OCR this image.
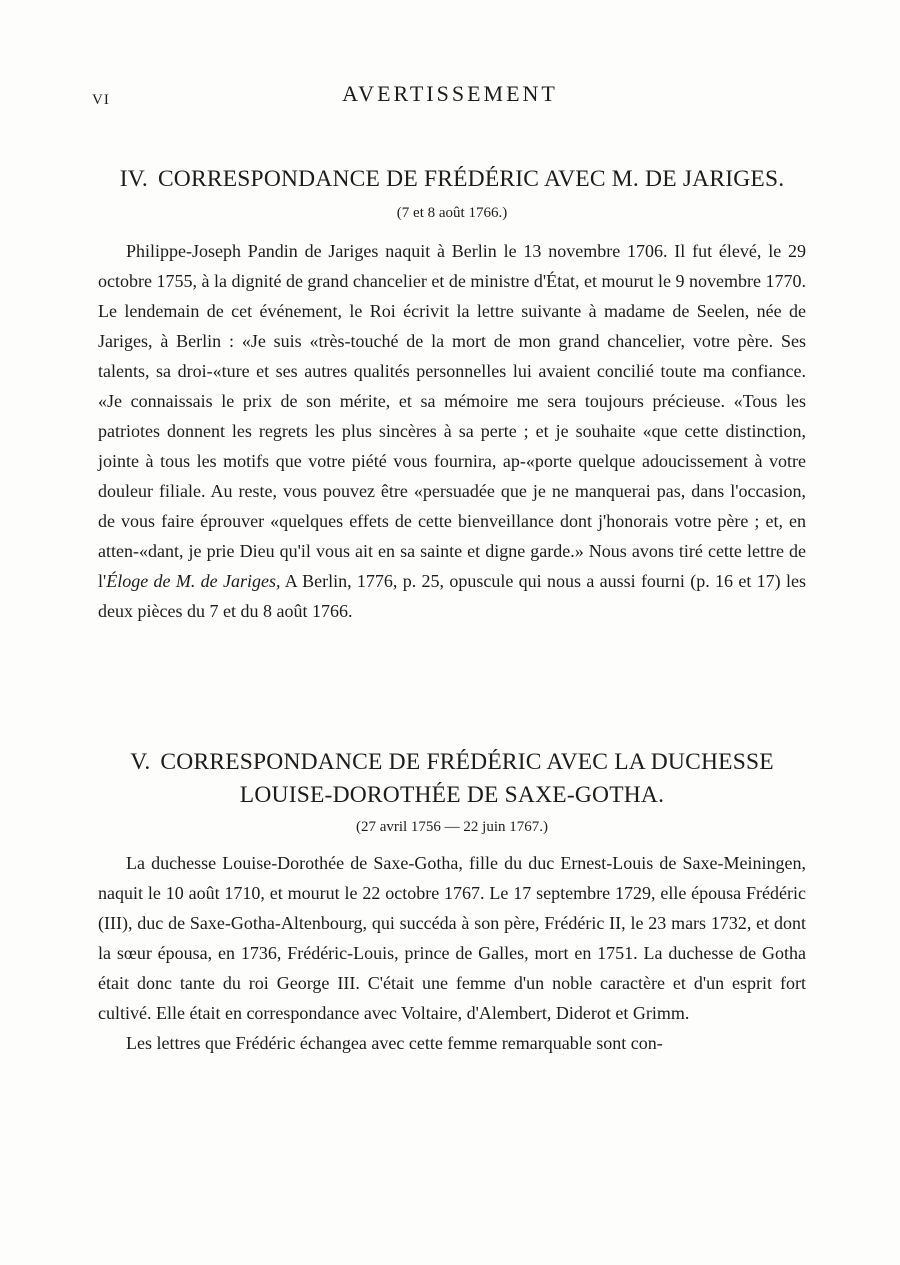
VI	AVERTISSEMENT
IV. CORRESPONDANCE DE FRÉDÉRIC AVEC M. DE JARIGES.
(7 et 8 août 1766.)

Philippe-Joseph Pandin de Jariges naquit à Berlin le 13 novembre 1706. Il fut élevé, le 29 octobre 1755, à la dignité de grand chancelier et de ministre d'État, et mourut le 9 novembre 1770. Le lendemain de cet événement, le Roi écrivit la lettre suivante à madame de Seelen, née de Jariges, à Berlin : «Je suis «très-touché de la mort de mon grand chancelier, votre père. Ses talents, sa droi-«ture et ses autres qualités personnelles lui avaient concilié toute ma confiance. «Je connaissais le prix de son mérite, et sa mémoire me sera toujours précieuse. «Tous les patriotes donnent les regrets les plus sincères à sa perte ; et je souhaite «que cette distinction, jointe à tous les motifs que votre piété vous fournira, ap-«porte quelque adoucissement à votre douleur filiale. Au reste, vous pouvez être «persuadée que je ne manquerai pas, dans l'occasion, de vous faire éprouver «quelques effets de cette bienveillance dont j'honorais votre père ; et, en atten-«dant, je prie Dieu qu'il vous ait en sa sainte et digne garde.» Nous avons tiré cette lettre de l'Éloge de M. de Jariges, A Berlin, 1776, p. 25, opuscule qui nous a aussi fourni (p. 16 et 17) les deux pièces du 7 et du 8 août 1766.

V. CORRESPONDANCE DE FRÉDÉRIC AVEC LA DUCHESSE
LOUISE-DOROTHÉE DE SAXE-GOTHA.
(27 avril 1756 — 22 juin 1767.)

La duchesse Louise-Dorothée de Saxe-Gotha, fille du duc Ernest-Louis de Saxe-Meiningen, naquit le 10 août 1710, et mourut le 22 octobre 1767. Le 17 septembre 1729, elle épousa Frédéric (III), duc de Saxe-Gotha-Altenbourg, qui succéda à son père, Frédéric II, le 23 mars 1732, et dont la sœur épousa, en 1736, Frédéric-Louis, prince de Galles, mort en 1751. La duchesse de Gotha était donc tante du roi George III. C'était une femme d'un noble caractère et d'un esprit fort cultivé. Elle était en correspondance avec Voltaire, d'Alembert, Diderot et Grimm.

Les lettres que Frédéric échangea avec cette femme remarquable sont con-
